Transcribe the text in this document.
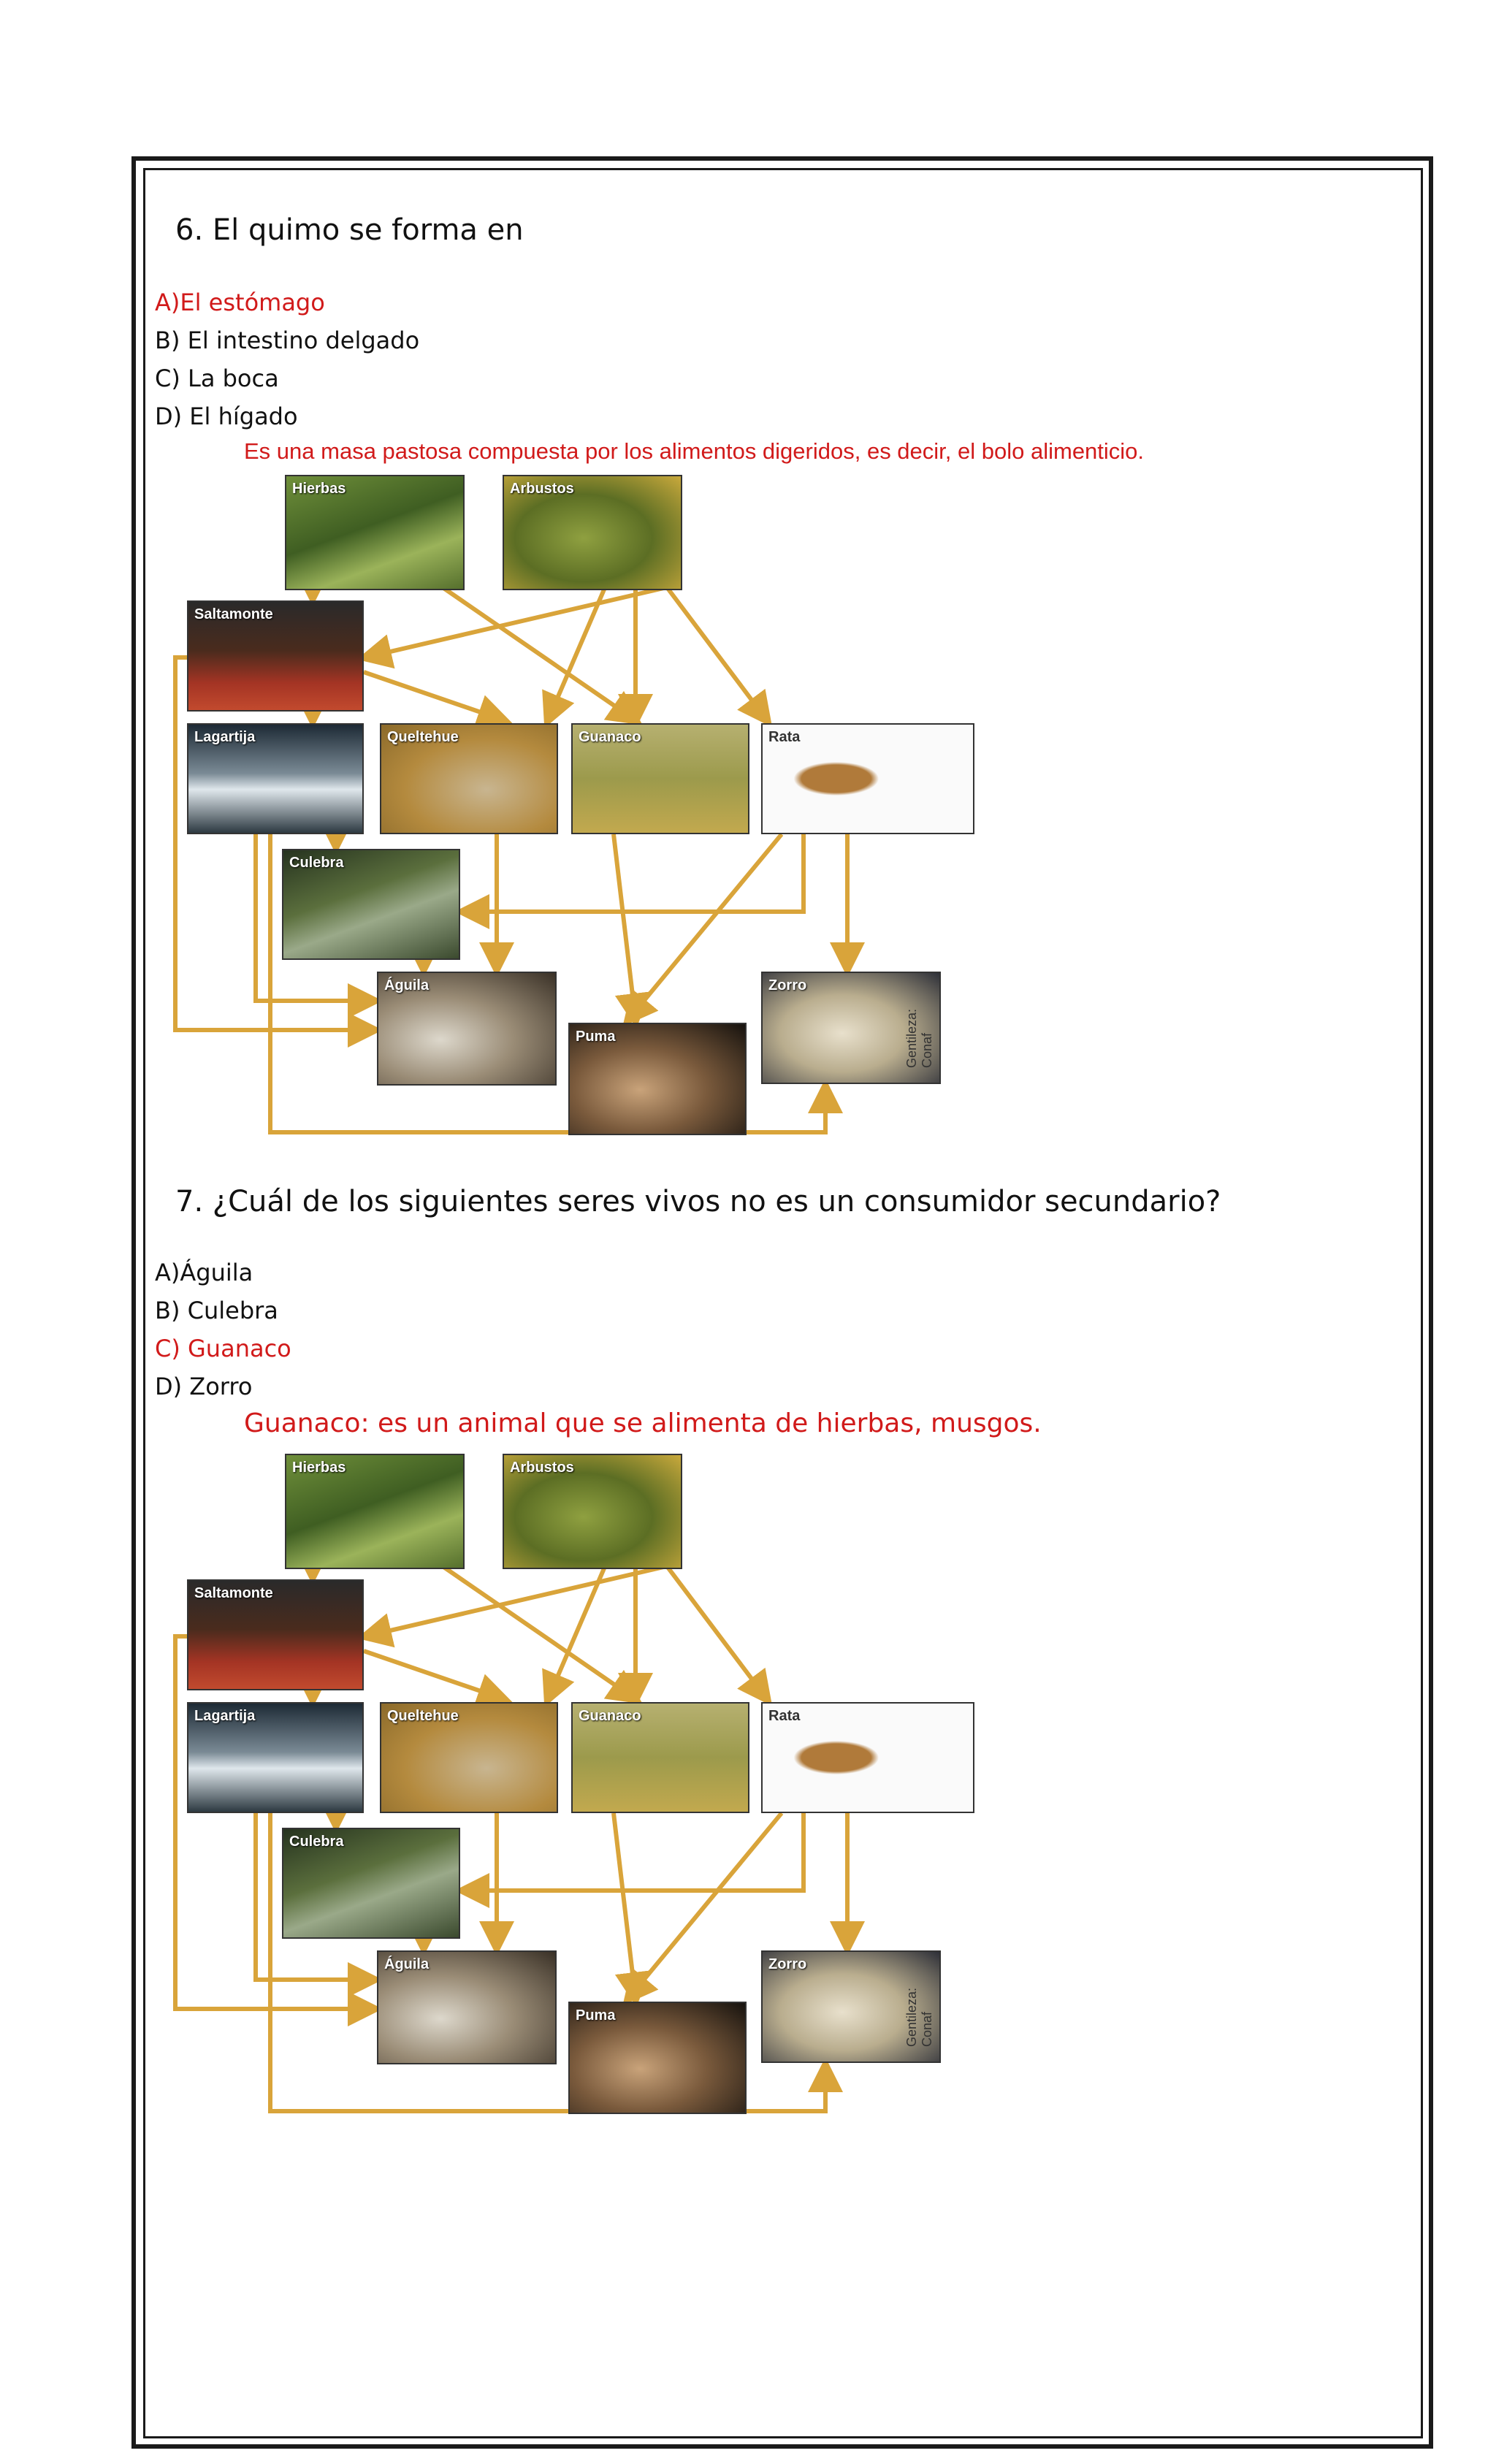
6. El quimo se forma en
A)El estómago
B) El intestino delgado
C) La boca
D) El hígado
Es una masa pastosa compuesta por los alimentos digeridos, es decir, el bolo alimenticio.
Hierbas	Arbustos
Saltamonte
Lagartija	Queltehue	Guanaco	Rata
Culebra
Águila
Puma
Zorro
Gentileza: Conaf
7. ¿Cuál de los siguientes seres vivos no es un consumidor secundario?
A)Águila
B) Culebra
C) Guanaco
D) Zorro
Guanaco: es un animal que se alimenta de hierbas, musgos.
Hierbas	Arbustos
Saltamonte
Lagartija	Queltehue	Guanaco	Rata
Culebra
Águila
Puma
Zorro
Gentileza: Conaf
